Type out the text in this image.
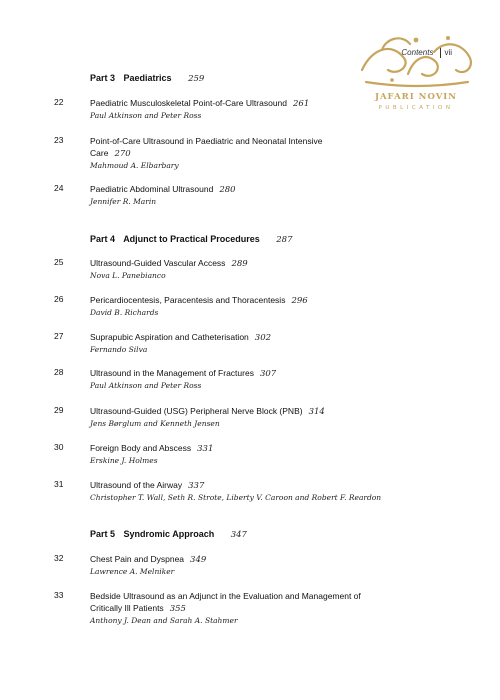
Contents	vii
JAFARI NOVIN
PUBLICATION
Part 3 Paediatrics 259
22	Paediatric Musculoskeletal Point-of-Care Ultrasound 261
Paul Atkinson and Peter Ross
23	Point-of-Care Ultrasound in Paediatric and Neonatal Intensive Care 270
Mahmoud A. Elbarbary
24	Paediatric Abdominal Ultrasound 280
Jennifer R. Marin
Part 4 Adjunct to Practical Procedures 287
25	Ultrasound-Guided Vascular Access 289
Nova L. Panebianco
26	Pericardiocentesis, Paracentesis and Thoracentesis 296
David B. Richards
27	Suprapubic Aspiration and Catheterisation 302
Fernando Silva
28	Ultrasound in the Management of Fractures 307
Paul Atkinson and Peter Ross
29	Ultrasound-Guided (USG) Peripheral Nerve Block (PNB) 314
Jens Børglum and Kenneth Jensen
30	Foreign Body and Abscess 331
Erskine J. Holmes
31	Ultrasound of the Airway 337
Christopher T. Wall, Seth R. Strote, Liberty V. Caroon and Robert F. Reardon
Part 5 Syndromic Approach 347
32	Chest Pain and Dyspnea 349
Lawrence A. Melniker
33	Bedside Ultrasound as an Adjunct in the Evaluation and Management of Critically Ill Patients 355
Anthony J. Dean and Sarah A. Stahmer
